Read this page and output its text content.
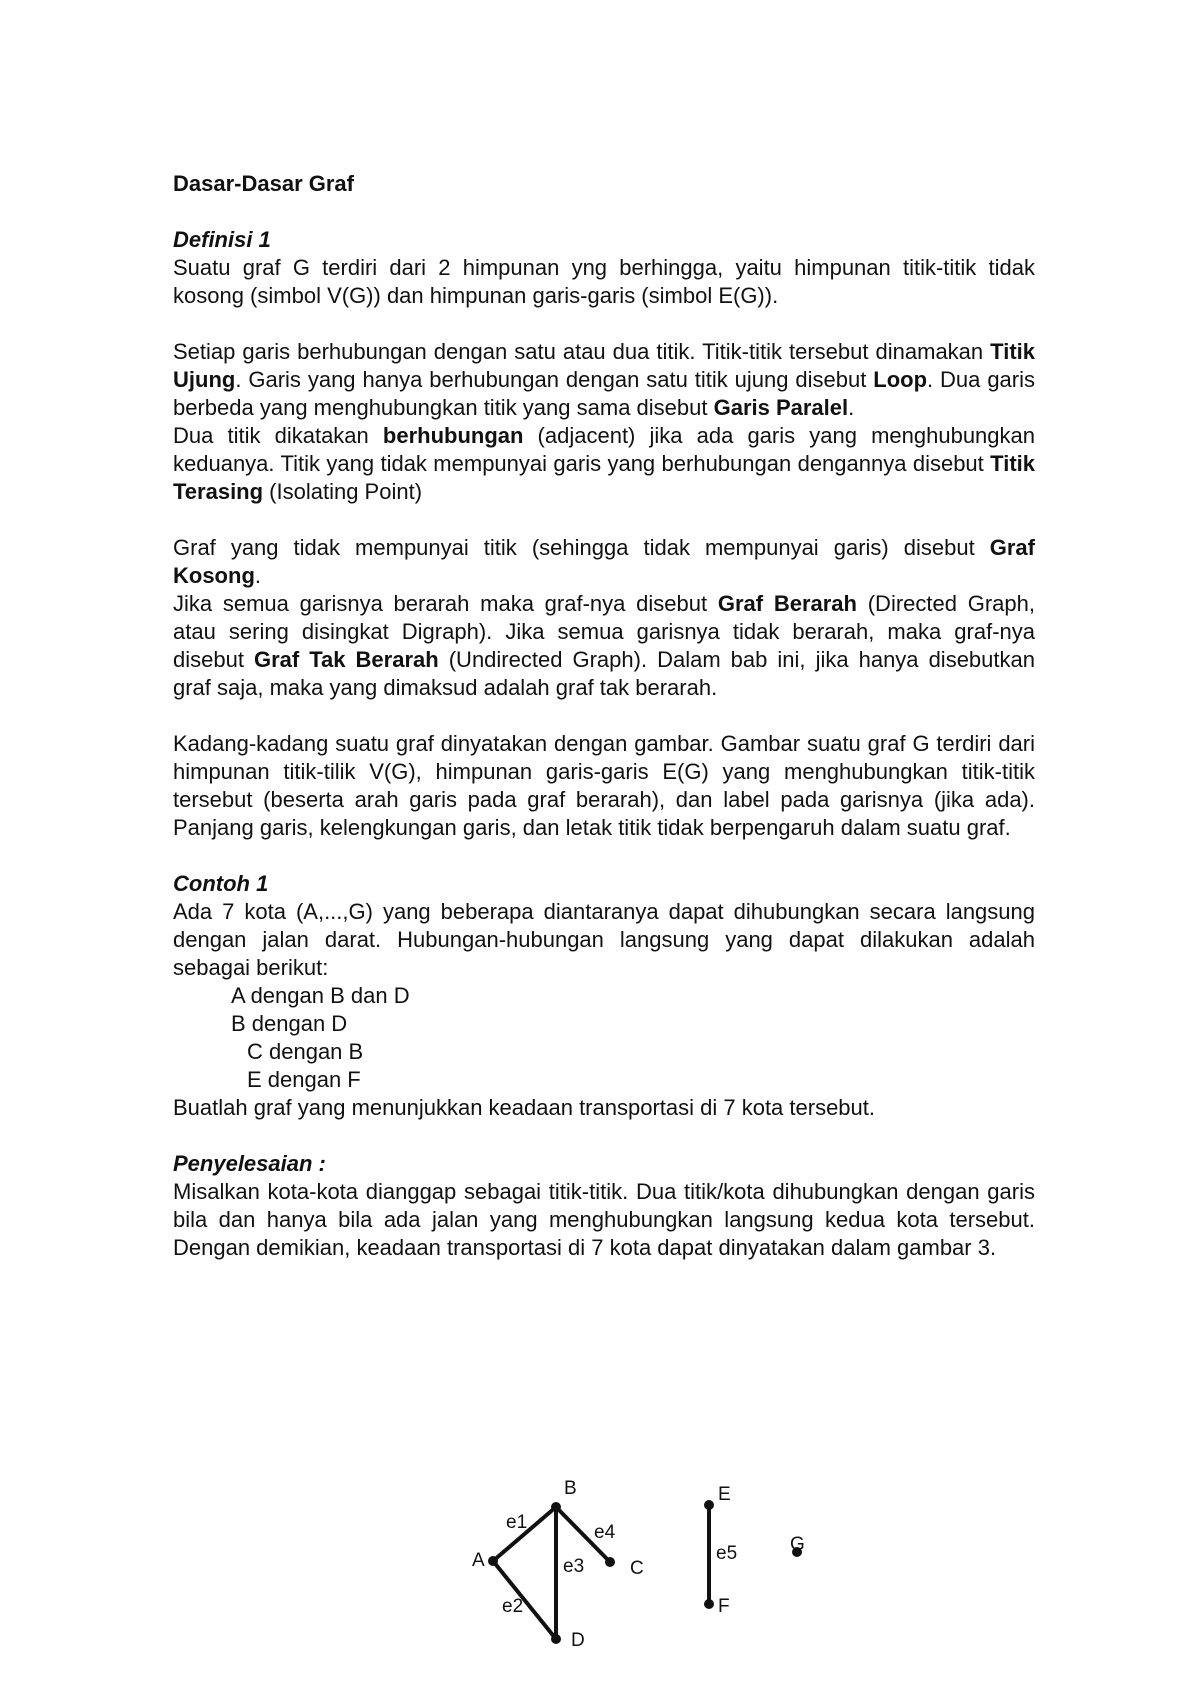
Dasar-Dasar Graf

Definisi 1

Suatu graf G terdiri dari 2 himpunan yng berhingga, yaitu himpunan titik-titik tidak kosong (simbol V(G)) dan himpunan garis-garis (simbol E(G)).

Setiap garis berhubungan dengan satu atau dua titik. Titik-titik tersebut dinamakan Titik Ujung. Garis yang hanya berhubungan dengan satu titik ujung disebut Loop. Dua garis berbeda yang menghubungkan titik yang sama disebut Garis Paralel.

Dua titik dikatakan berhubungan (adjacent) jika ada garis yang menghubungkan keduanya. Titik yang tidak mempunyai garis yang berhubungan dengannya disebut Titik Terasing (Isolating Point)

Graf yang tidak mempunyai titik (sehingga tidak mempunyai garis) disebut Graf Kosong.

Jika semua garisnya berarah maka graf-nya disebut Graf Berarah (Directed Graph, atau sering disingkat Digraph). Jika semua garisnya tidak berarah, maka graf-nya disebut Graf Tak Berarah (Undirected Graph). Dalam bab ini, jika hanya disebutkan graf saja, maka yang dimaksud adalah graf tak berarah.

Kadang-kadang suatu graf dinyatakan dengan gambar. Gambar suatu graf G terdiri dari himpunan titik-tilik V(G), himpunan garis-garis E(G) yang menghubungkan titik-titik tersebut (beserta arah garis pada graf berarah), dan label pada garisnya (jika ada). Panjang garis, kelengkungan garis, dan letak titik tidak berpengaruh dalam suatu graf.

Contoh 1

Ada 7 kota (A,...,G) yang beberapa diantaranya dapat dihubungkan secara langsung dengan jalan darat. Hubungan-hubungan langsung yang dapat dilakukan adalah sebagai berikut:

A dengan B dan D

B dengan D

C dengan B

E dengan F

Buatlah graf yang menunjukkan keadaan transportasi di 7 kota tersebut.

Penyelesaian :

Misalkan kota-kota dianggap sebagai titik-titik. Dua titik/kota dihubungkan dengan garis bila dan hanya bila ada jalan yang menghubungkan langsung kedua kota tersebut. Dengan demikian, keadaan transportasi di 7 kota dapat dinyatakan dalam gambar 3.

A
B
C
D
E
F
G
e1
e2
e3
e4
e5
